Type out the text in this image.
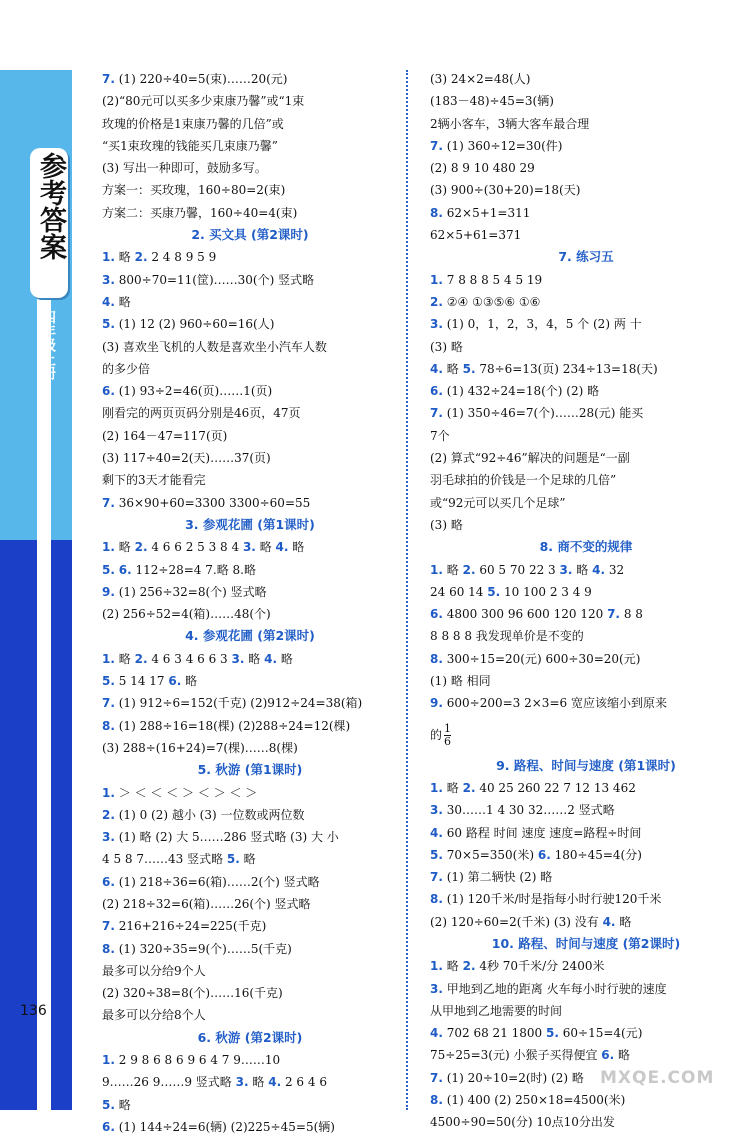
参考答案
四年级上册
136
7. (1) 220÷40=5(束)……20(元)
(2)“80元可以买多少束康乃馨”或“1束
玫瑰的价格是1束康乃馨的几倍”或
“买1束玫瑰的钱能买几束康乃馨”
(3) 写出一种即可，鼓励多写。
方案一：买玫瑰，160÷80=2(束)
方案二：买康乃馨，160÷40=4(束)
2. 买文具 (第2课时)
1. 略 2. 2 4 8 9 5 9
3. 800÷70=11(筐)……30(个) 竖式略
4. 略
5. (1) 12 (2) 960÷60=16(人)
(3) 喜欢坐飞机的人数是喜欢坐小汽车人数
的多少倍
6. (1) 93÷2=46(页)……1(页)
刚看完的两页页码分别是46页，47页
(2) 164－47=117(页)
(3) 117÷40=2(天)……37(页)
剩下的3天才能看完
7. 36×90+60=3300 3300÷60=55
3. 参观花圃 (第1课时)
1. 略 2. 4 6 6 2 5 3 8 4 3. 略 4. 略
5. 6. 112÷28=4 7.略 8.略
9. (1) 256÷32=8(个) 竖式略
(2) 256÷52=4(箱)……48(个)
4. 参观花圃 (第2课时)
1. 略 2. 4 6 3 4 6 6 3 3. 略 4. 略
5. 5 14 17 6. 略
7. (1) 912÷6=152(千克) (2)912÷24=38(箱)
8. (1) 288÷16=18(棵) (2)288÷24=12(棵)
(3) 288÷(16+24)=7(棵)……8(棵)
5. 秋游 (第1课时)
1. ＞ ＜ ＜ ＜ ＞ ＜ ＞ ＜ ＞
2. (1) 0 (2) 越小 (3) 一位数或两位数
3. (1) 略 (2) 大 5……286 竖式略 (3) 大 小
4 5 8 7……43 竖式略 5. 略
6. (1) 218÷36=6(箱)……2(个) 竖式略
(2) 218÷32=6(箱)……26(个) 竖式略
7. 216+216÷24=225(千克)
8. (1) 320÷35=9(个)……5(千克)
最多可以分给9个人
(2) 320÷38=8(个)……16(千克)
最多可以分给8个人
6. 秋游 (第2课时)
1. 2 9 8 6 8 6 9 6 4 7 9……10
9……26 9……9 竖式略 3. 略 4. 2 6 4 6
5. 略
6. (1) 144÷24=6(辆) (2)225÷45=5(辆)
(3) 24×2=48(人)
(183－48)÷45=3(辆)
2辆小客车，3辆大客车最合理
7. (1) 360÷12=30(件)
(2) 8 9 10 480 29
(3) 900÷(30+20)=18(天)
8. 62×5+1=311
62×5+61=371
7. 练习五
1. 7 8 8 8 5 4 5 19
2. ②④ ①③⑤⑥ ①⑥
3. (1) 0，1，2，3，4，5 个 (2) 两 十
(3) 略
4. 略 5. 78÷6=13(页) 234÷13=18(天)
6. (1) 432÷24=18(个) (2) 略
7. (1) 350÷46=7(个)……28(元) 能买
7个
(2) 算式“92÷46”解决的问题是“一副
羽毛球拍的价钱是一个足球的几倍”
或“92元可以买几个足球”
(3) 略
8. 商不变的规律
1. 略 2. 60 5 70 22 3 3. 略 4. 32
24 60 14 5. 10 100 2 3 4 9
6. 4800 300 96 600 120 120 7. 8 8
8 8 8 8 我发现单价是不变的
8. 300÷15=20(元) 600÷30=20(元)
(1) 略 相同
9. 600÷200=3 2×3=6 宽应该缩小到原来
的 $\frac{1}{6}$
9. 路程、时间与速度 (第1课时)
1. 略 2. 40 25 260 22 7 12 13 462
3. 30……1 4 30 32……2 竖式略
4. 60 路程 时间 速度 速度=路程÷时间
5. 70×5=350(米) 6. 180÷45=4(分)
7. (1) 第二辆快 (2) 略
8. (1) 120千米/时是指每小时行驶120千米
(2) 120÷60=2(千米) (3) 没有 4. 略
10. 路程、时间与速度 (第2课时)
1. 略 2. 4秒 70千米/分 2400米
3. 甲地到乙地的距离 火车每小时行驶的速度
从甲地到乙地需要的时间
4. 702 68 21 1800 5. 60÷15=4(元)
75÷25=3(元) 小猴子买得便宜 6. 略
7. (1) 20÷10=2(时) (2) 略
8. (1) 400 (2) 250×18=4500(米)
4500÷90=50(分) 10点10分出发
MXQE.COM
